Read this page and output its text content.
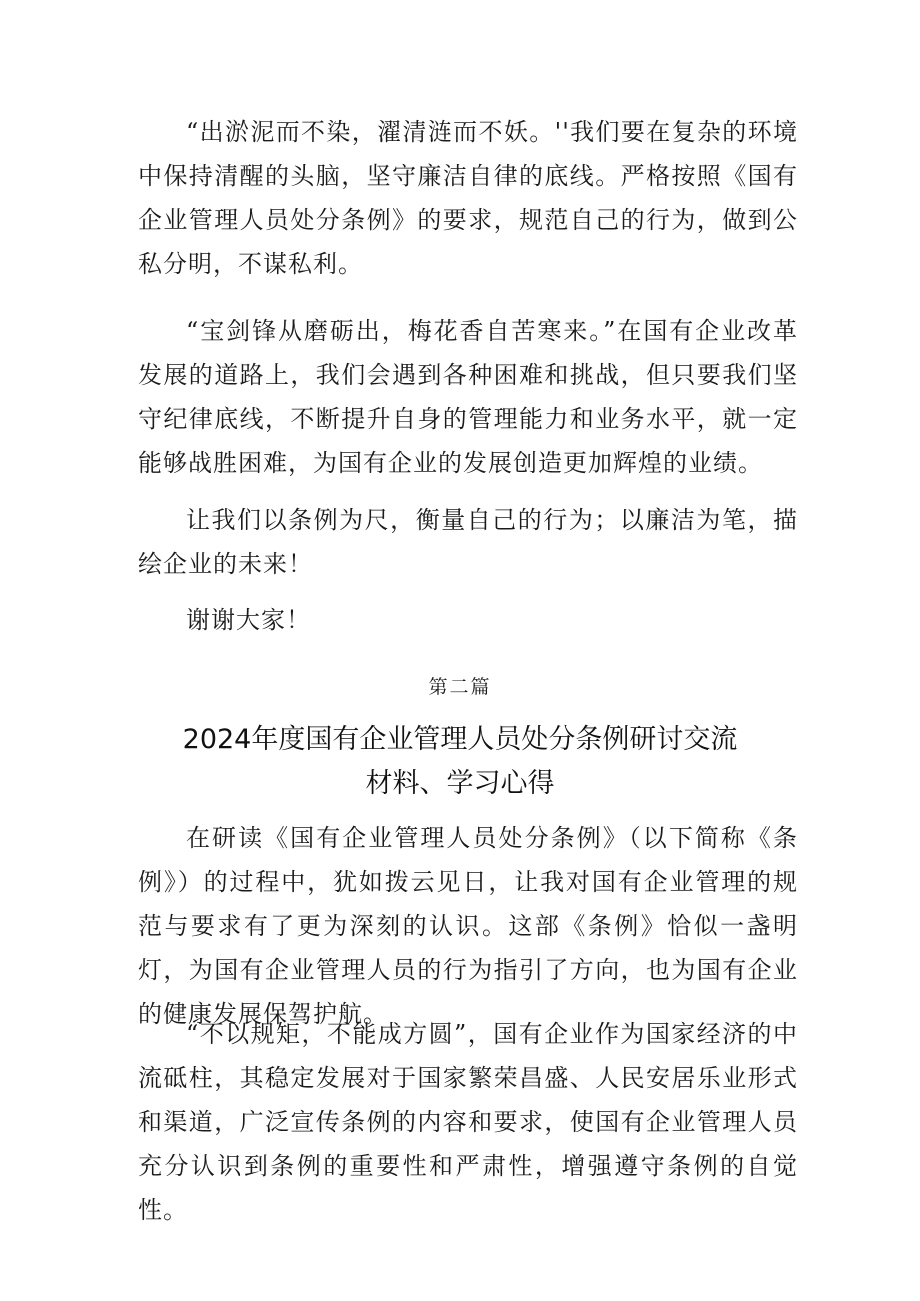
“出淤泥而不染，濯清涟而不妖。''我们要在复杂的环境中保持清醒的头脑，坚守廉洁自律的底线。严格按照《国有企业管理人员处分条例》的要求，规范自己的行为，做到公私分明，不谋私利。

“宝剑锋从磨砺出，梅花香自苦寒来。”在国有企业改革发展的道路上，我们会遇到各种困难和挑战，但只要我们坚守纪律底线，不断提升自身的管理能力和业务水平，就一定能够战胜困难，为国有企业的发展创造更加辉煌的业绩。

让我们以条例为尺，衡量自己的行为；以廉洁为笔，描绘企业的未来！

谢谢大家！

第二篇

2024年度国有企业管理人员处分条例研讨交流
材料、学习心得

在研读《国有企业管理人员处分条例》（以下简称《条例》）的过程中，犹如拨云见日，让我对国有企业管理的规范与要求有了更为深刻的认识。这部《条例》恰似一盏明灯，为国有企业管理人员的行为指引了方向，也为国有企业的健康发展保驾护航。

“不以规矩，不能成方圆”，国有企业作为国家经济的中流砥柱，其稳定发展对于国家繁荣昌盛、人民安居乐业形式和渠道，广泛宣传条例的内容和要求，使国有企业管理人员充分认识到条例的重要性和严肃性，增强遵守条例的自觉性。
